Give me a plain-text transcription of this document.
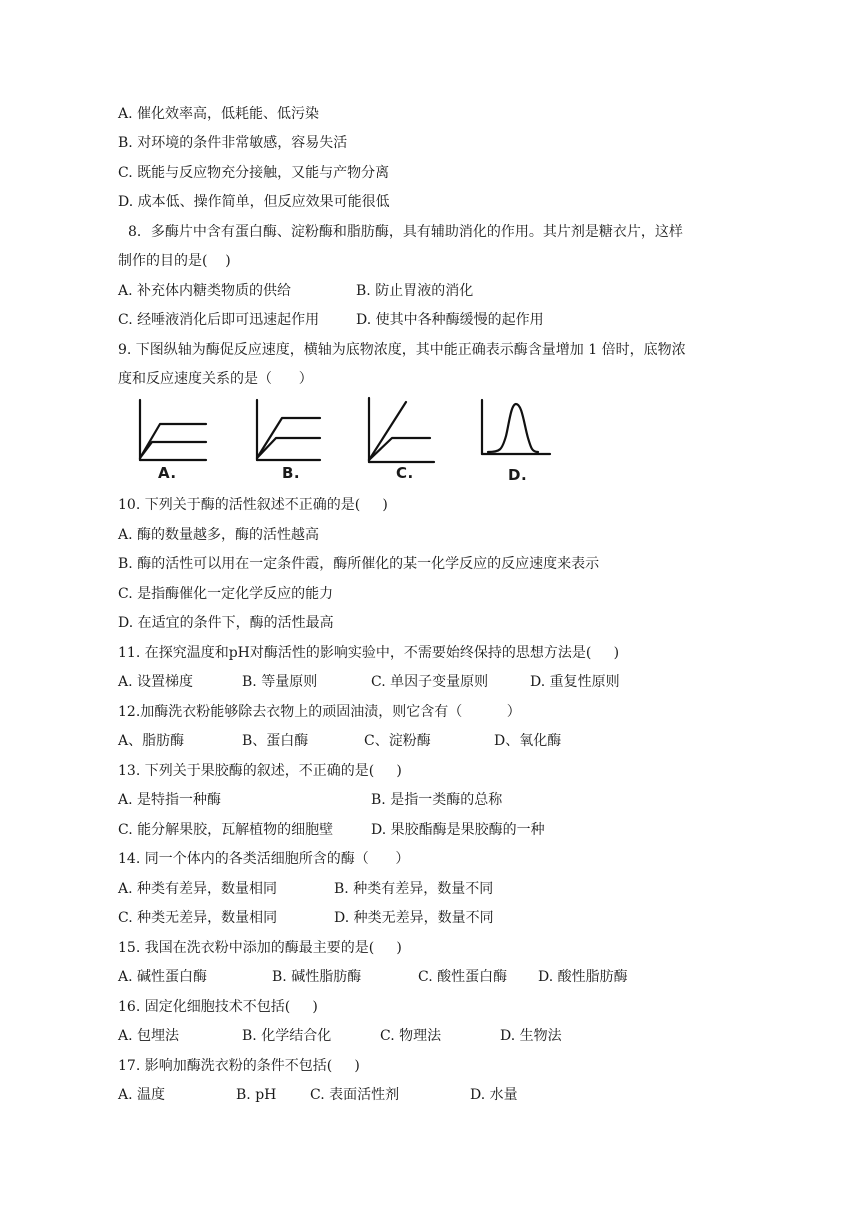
A. 催化效率高，低耗能、低污染
B. 对环境的条件非常敏感，容易失活
C. 既能与反应物充分接触，又能与产物分离
D. 成本低、操作简单，但反应效果可能很低
8．多酶片中含有蛋白酶、淀粉酶和脂肪酶，具有辅助消化的作用。其片剂是糖衣片，这样
制作的目的是(    )
A. 补充体内糖类物质的供给	B. 防止胃液的消化
C. 经唾液消化后即可迅速起作用	D. 使其中各种酶缓慢的起作用
9. 下图纵轴为酶促反应速度，横轴为底物浓度，其中能正确表示酶含量增加 1 倍时，底物浓
度和反应速度关系的是（      ）
A.	B.	C.	D.
10. 下列关于酶的活性叙述不正确的是(     )
A. 酶的数量越多，酶的活性越高
B. 酶的活性可以用在一定条件霞，酶所催化的某一化学反应的反应速度来表示
C. 是指酶催化一定化学反应的能力
D. 在适宜的条件下，酶的活性最高
11. 在探究温度和pH对酶活性的影响实验中，不需要始终保持的思想方法是(     )
A. 设置梯度	B. 等量原则	C. 单因子变量原则	D. 重复性原则
12.加酶洗衣粉能够除去衣物上的顽固油渍，则它含有（          ）
A、脂肪酶	B、蛋白酶	C、淀粉酶	D、氧化酶
13. 下列关于果胶酶的叙述，不正确的是(     )
A. 是特指一种酶	B. 是指一类酶的总称
C. 能分解果胶，瓦解植物的细胞壁	D. 果胶酯酶是果胶酶的一种
14. 同一个体内的各类活细胞所含的酶（      ）
A. 种类有差异，数量相同	B. 种类有差异，数量不同
C. 种类无差异，数量相同	D. 种类无差异，数量不同
15. 我国在洗衣粉中添加的酶最主要的是(     )
A. 碱性蛋白酶	B. 碱性脂肪酶	C. 酸性蛋白酶 D. 酸性脂肪酶
16. 固定化细胞技术不包括(     )
A. 包埋法	B. 化学结合化	C. 物理法	D. 生物法
17. 影响加酶洗衣粉的条件不包括(     )
A. 温度	B. pH C. 表面活性剂	D. 水量
